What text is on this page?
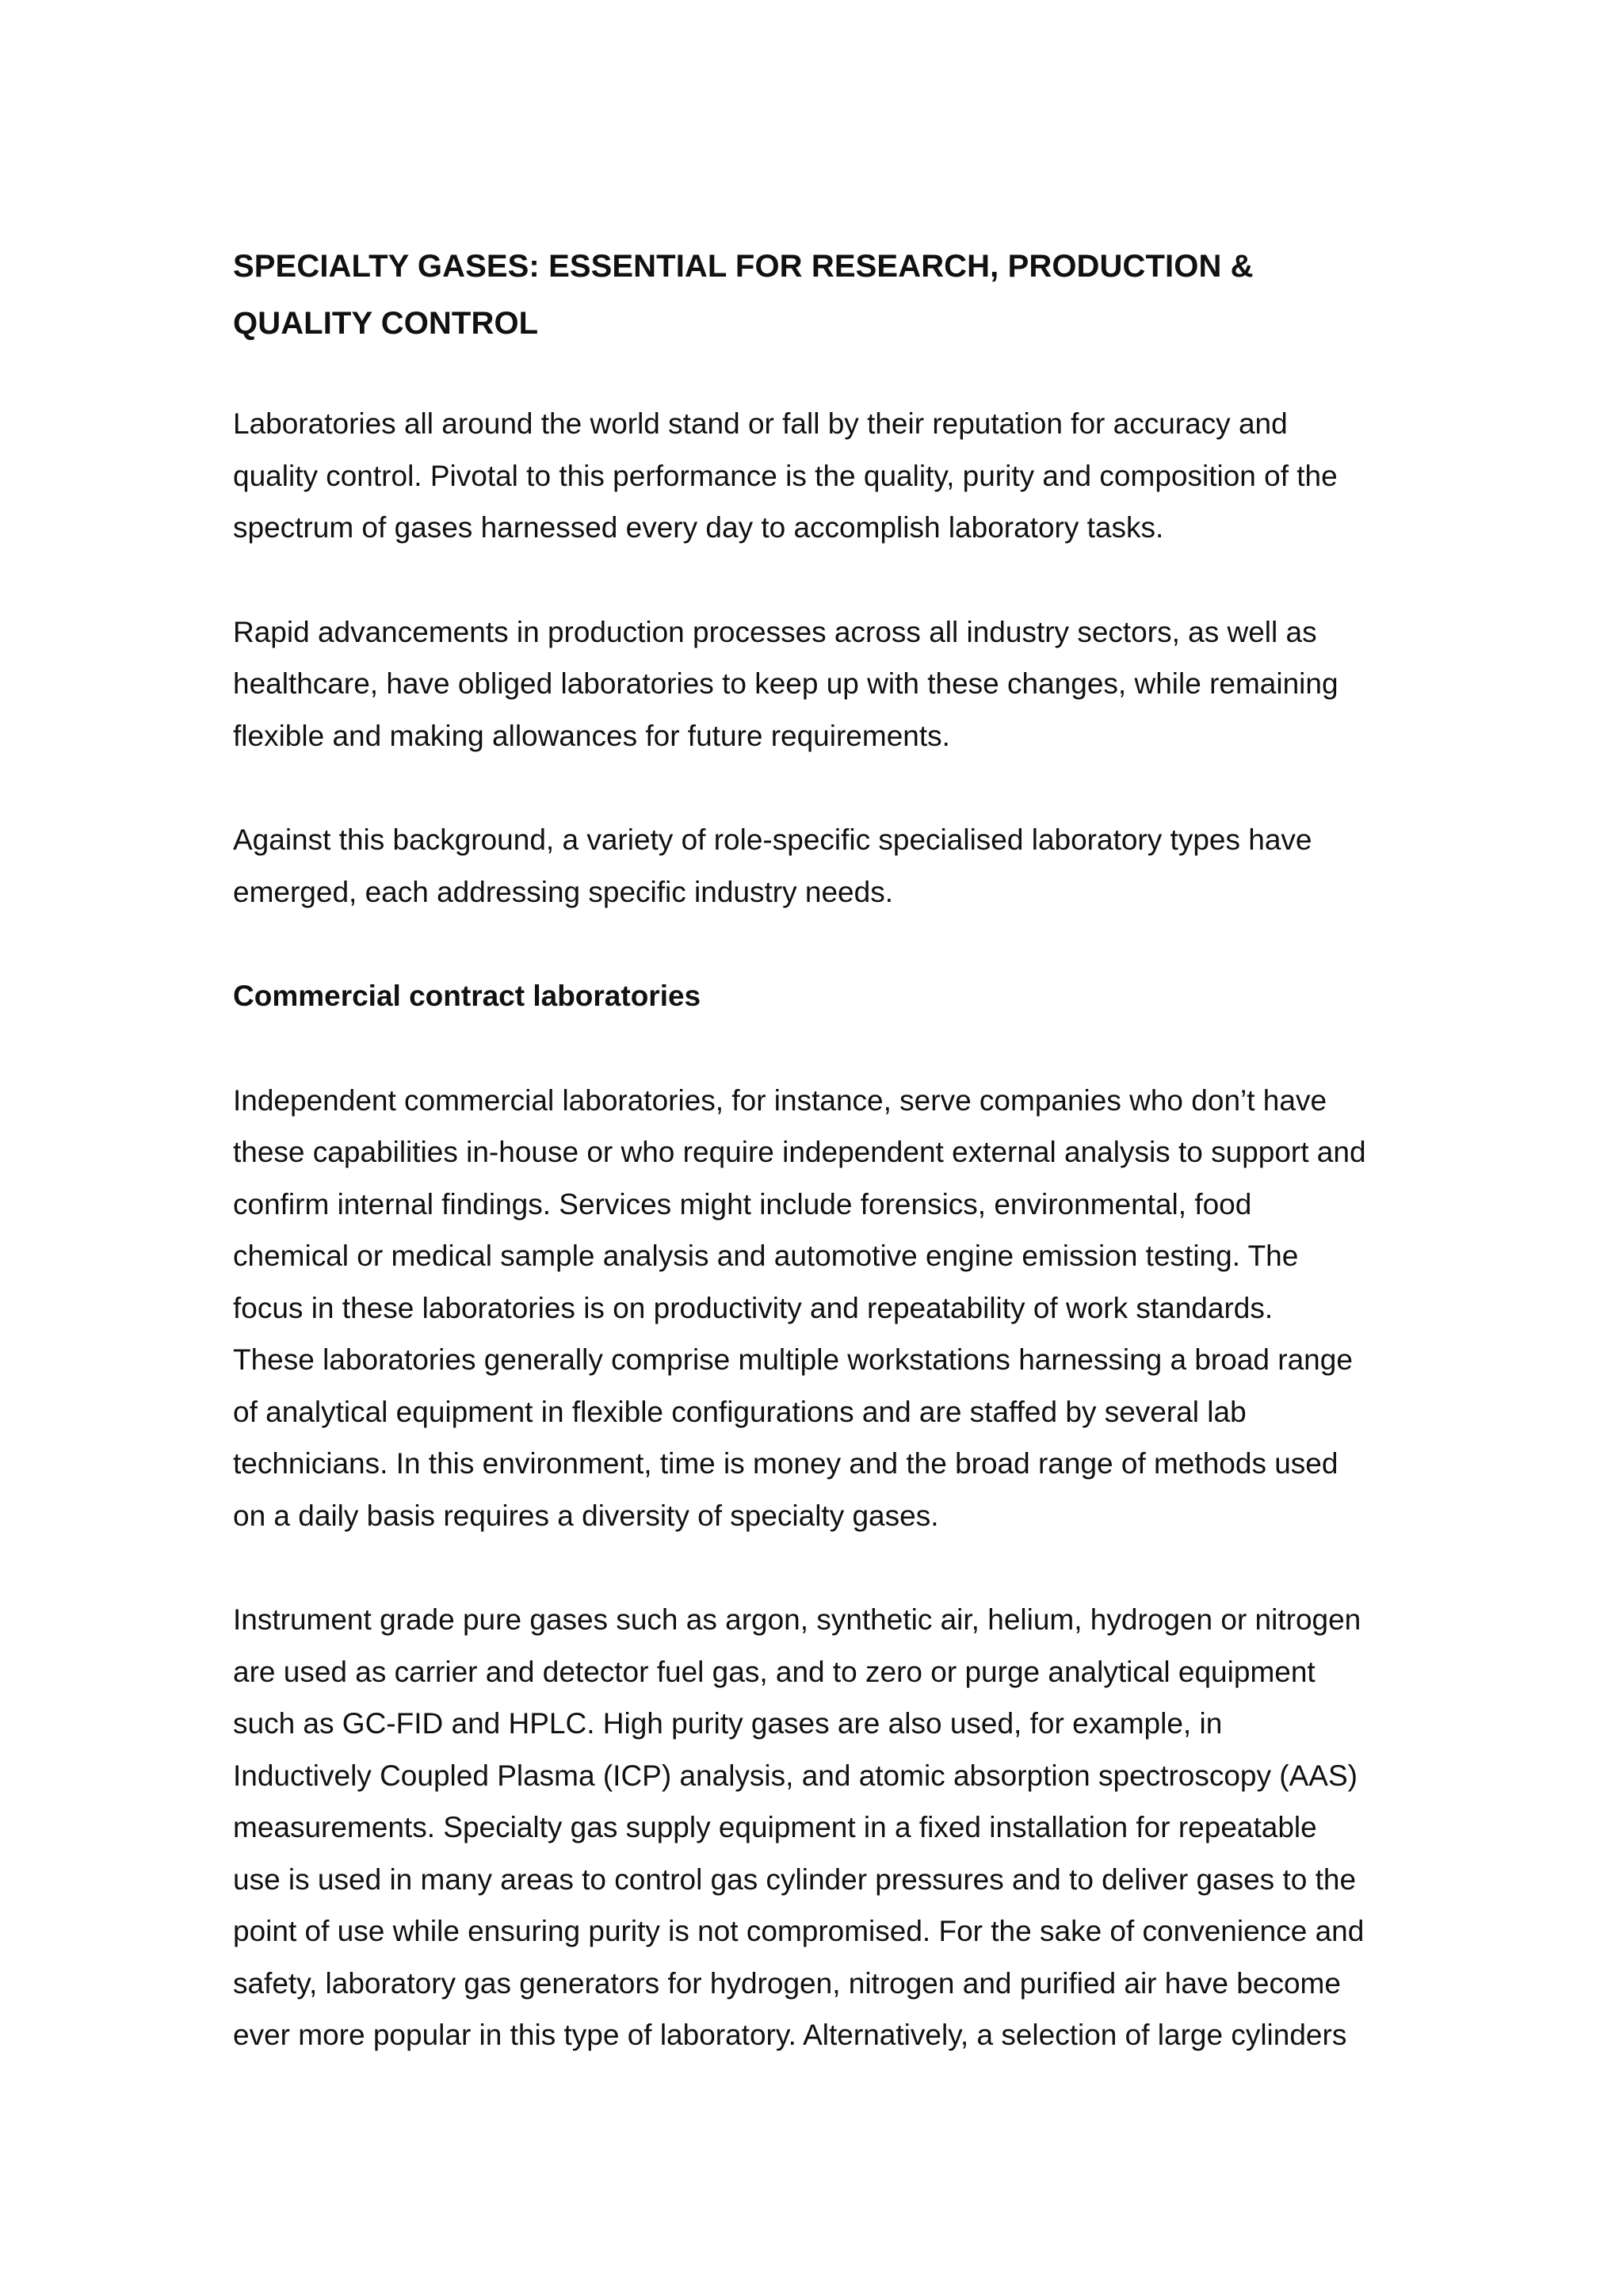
SPECIALTY GASES: ESSENTIAL FOR RESEARCH, PRODUCTION &
QUALITY CONTROL

Laboratories all around the world stand or fall by their reputation for accuracy and
quality control. Pivotal to this performance is the quality, purity and composition of the
spectrum of gases harnessed every day to accomplish laboratory tasks.

Rapid advancements in production processes across all industry sectors, as well as
healthcare, have obliged laboratories to keep up with these changes, while remaining
flexible and making allowances for future requirements.

Against this background, a variety of role-specific specialised laboratory types have
emerged, each addressing specific industry needs.

Commercial contract laboratories

Independent commercial laboratories, for instance, serve companies who don’t have
these capabilities in-house or who require independent external analysis to support and
confirm internal findings. Services might include forensics, environmental, food
chemical or medical sample analysis and automotive engine emission testing. The
focus in these laboratories is on productivity and repeatability of work standards.
These laboratories generally comprise multiple workstations harnessing a broad range
of analytical equipment in flexible configurations and are staffed by several lab
technicians. In this environment, time is money and the broad range of methods used
on a daily basis requires a diversity of specialty gases.

Instrument grade pure gases such as argon, synthetic air, helium, hydrogen or nitrogen
are used as carrier and detector fuel gas, and to zero or purge analytical equipment
such as GC-FID and HPLC. High purity gases are also used, for example, in
Inductively Coupled Plasma (ICP) analysis, and atomic absorption spectroscopy (AAS)
measurements. Specialty gas supply equipment in a fixed installation for repeatable
use is used in many areas to control gas cylinder pressures and to deliver gases to the
point of use while ensuring purity is not compromised. For the sake of convenience and
safety, laboratory gas generators for hydrogen, nitrogen and purified air have become
ever more popular in this type of laboratory. Alternatively, a selection of large cylinders
